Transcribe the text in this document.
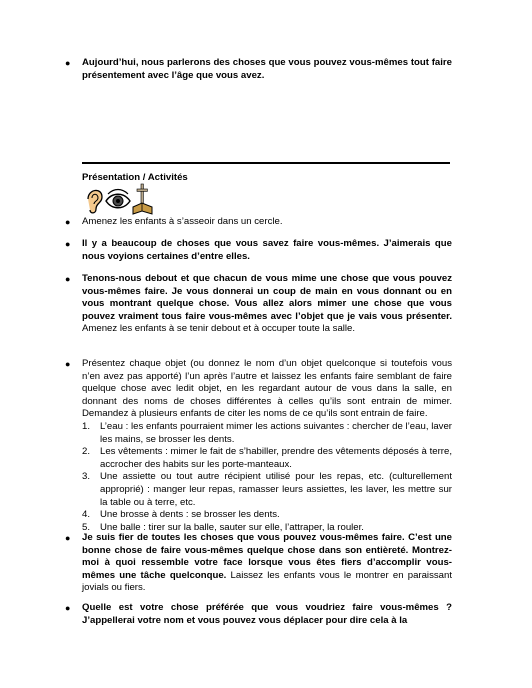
● Aujourd’hui, nous parlerons des choses que vous pouvez vous-mêmes tout faire présentement avec l’âge que vous avez.
Présentation / Activités
● Amenez les enfants à s’asseoir dans un cercle.
● Il y a beaucoup de choses que vous savez faire vous-mêmes. J’aimerais que nous voyions certaines d’entre elles.
● Tenons-nous debout et que chacun de vous mime une chose que vous pouvez vous-mêmes faire. Je vous donnerai un coup de main en vous donnant ou en vous montrant quelque chose. Vous allez alors mimer une chose que vous pouvez vraiment tous faire vous-mêmes avec l’objet que je vais vous présenter. Amenez les enfants à se tenir debout et à occuper toute la salle.
● Présentez chaque objet (ou donnez le nom d’un objet quelconque si toutefois vous n’en avez pas apporté) l’un après l’autre et laissez les enfants faire semblant de faire quelque chose avec ledit objet, en les regardant autour de vous dans la salle, en donnant des noms de choses différentes à celles qu’ils sont entrain de mimer. Demandez à plusieurs enfants de citer les noms de ce qu’ils sont entrain de faire.
1. L’eau : les enfants pourraient mimer les actions suivantes : chercher de l’eau, laver les mains, se brosser les dents.
2. Les vêtements : mimer le fait de s’habiller, prendre des vêtements déposés à terre, accrocher des habits sur les porte-manteaux.
3. Une assiette ou tout autre récipient utilisé pour les repas, etc. (culturellement approprié) : manger leur repas, ramasser leurs assiettes, les laver, les mettre sur la table ou à terre, etc.
4. Une brosse à dents : se brosser les dents.
5. Une balle : tirer sur la balle, sauter sur elle, l’attraper, la rouler.
● Je suis fier de toutes les choses que vous pouvez vous-mêmes faire. C’est une bonne chose de faire vous-mêmes quelque chose dans son entièreté. Montrez-moi à quoi ressemble votre face lorsque vous êtes fiers d’accomplir vous-mêmes une tâche quelconque. Laissez les enfants vous le montrer en paraissant jovials ou fiers.
● Quelle est votre chose préférée que vous voudriez faire vous-mêmes ? J’appellerai votre nom et vous pouvez vous déplacer pour dire cela à la
